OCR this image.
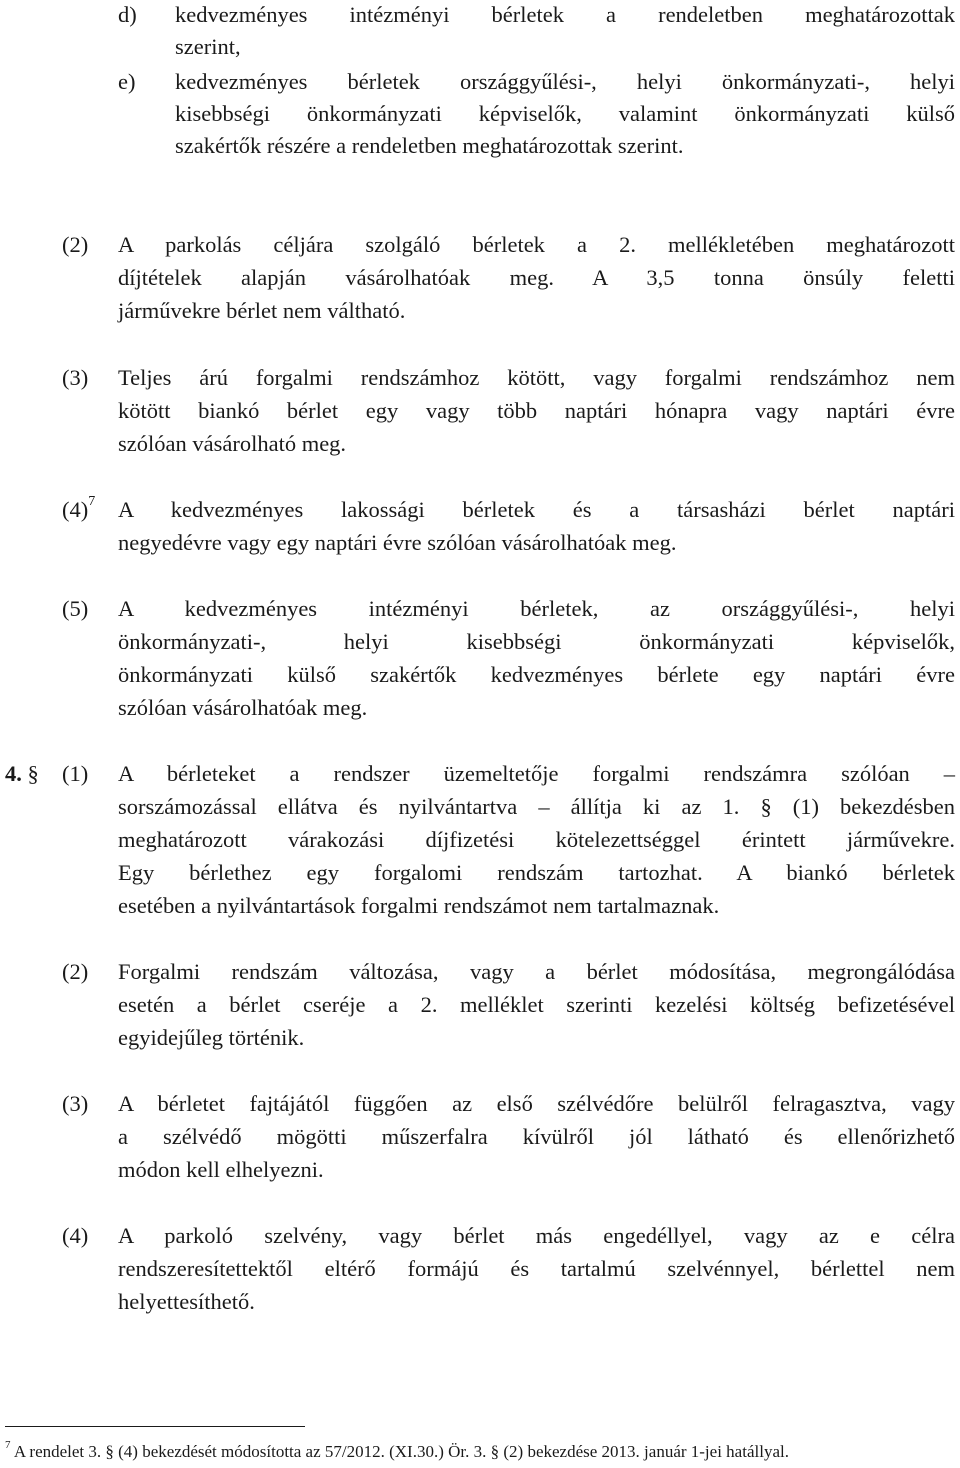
d) kedvezményes intézményi bérletek a rendeletben meghatározottak
szerint,
e) kedvezményes bérletek országgyűlési-, helyi önkormányzati-, helyi
kisebbségi önkormányzati képviselők, valamint önkormányzati külső
szakértők részére a rendeletben meghatározottak szerint.
(2) A parkolás céljára szolgáló bérletek a 2. mellékletében meghatározott
díjtételek alapján vásárolhatóak meg. A 3,5 tonna önsúly feletti
járművekre bérlet nem váltható.
(3) Teljes árú forgalmi rendszámhoz kötött, vagy forgalmi rendszámhoz nem
kötött biankó bérlet egy vagy több naptári hónapra vagy naptári évre
szólóan vásárolható meg.
$(4)^7$ A kedvezményes lakossági bérletek és a társasházi bérlet naptári
negyedévre vagy egy naptári évre szólóan vásárolhatóak meg.
(5) A kedvezményes intézményi bérletek, az országgyűlési-, helyi
önkormányzati-, helyi kisebbségi önkormányzati képviselők,
önkormányzati külső szakértők kedvezményes bérlete egy naptári évre
szólóan vásárolhatóak meg.
4. § (1) A bérleteket a rendszer üzemeltetője forgalmi rendszámra szólóan –
sorszámozással ellátva és nyilvántartva – állítja ki az 1. § (1) bekezdésben
meghatározott várakozási díjfizetési kötelezettséggel érintett járművekre.
Egy bérlethez egy forgalomi rendszám tartozhat. A biankó bérletek
esetében a nyilvántartások forgalmi rendszámot nem tartalmaznak.
(2) Forgalmi rendszám változása, vagy a bérlet módosítása, megrongálódása
esetén a bérlet cseréje a 2. melléklet szerinti kezelési költség befizetésével
egyidejűleg történik.
(3) A bérletet fajtájától függően az első szélvédőre belülről felragasztva, vagy
a szélvédő mögötti műszerfalra kívülről jól látható és ellenőrizhető
módon kell elhelyezni.
(4) A parkoló szelvény, vagy bérlet más engedéllyel, vagy az e célra
rendszeresítettektől eltérő formájú és tartalmú szelvénnyel, bérlettel nem
helyettesíthető.
$^7$ A rendelet 3. § (4) bekezdését módosította az 57/2012. (XI.30.) Ör. 3. § (2) bekezdése 2013. január 1-jei hatállyal.
